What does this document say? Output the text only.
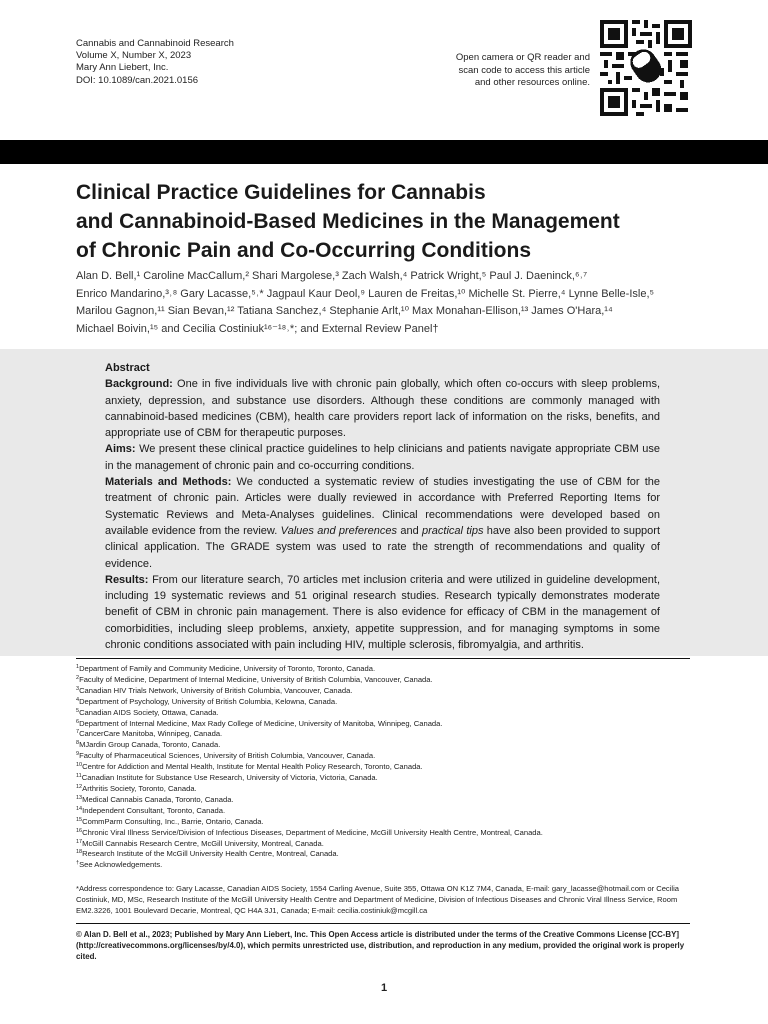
Cannabis and Cannabinoid Research
Volume X, Number X, 2023
Mary Ann Liebert, Inc.
DOI: 10.1089/can.2021.0156
Open camera or QR reader and
scan code to access this article
and other resources online.
Clinical Practice Guidelines for Cannabis
and Cannabinoid-Based Medicines in the Management
of Chronic Pain and Co-Occurring Conditions
Alan D. Bell,¹ Caroline MacCallum,² Shari Margolese,³ Zach Walsh,⁴ Patrick Wright,⁵ Paul J. Daeninck,⁶˒⁷
Enrico Mandarino,³˒⁸ Gary Lacasse,⁵˒* Jagpaul Kaur Deol,⁹ Lauren de Freitas,¹⁰ Michelle St. Pierre,⁴ Lynne Belle-Isle,⁵
Marilou Gagnon,¹¹ Sian Bevan,¹² Tatiana Sanchez,⁴ Stephanie Arlt,¹⁰ Max Monahan-Ellison,¹³ James O'Hara,¹⁴
Michael Boivin,¹⁵ and Cecilia Costiniuk¹⁶⁻¹⁸˒*; and External Review Panel†

Abstract

Background: One in five individuals live with chronic pain globally, which often co-occurs with sleep problems, anxiety, depression, and substance use disorders. Although these conditions are commonly managed with cannabinoid-based medicines (CBM), health care providers report lack of information on the risks, benefits, and appropriate use of CBM for therapeutic purposes.

Aims: We present these clinical practice guidelines to help clinicians and patients navigate appropriate CBM use in the management of chronic pain and co-occurring conditions.

Materials and Methods: We conducted a systematic review of studies investigating the use of CBM for the treatment of chronic pain. Articles were dually reviewed in accordance with Preferred Reporting Items for Systematic Reviews and Meta-Analyses guidelines. Clinical recommendations were developed based on available evidence from the review. Values and preferences and practical tips have also been provided to support clinical application. The GRADE system was used to rate the strength of recommendations and quality of evidence.

Results: From our literature search, 70 articles met inclusion criteria and were utilized in guideline development, including 19 systematic reviews and 51 original research studies. Research typically demonstrates moderate benefit of CBM in chronic pain management. There is also evidence for efficacy of CBM in the management of comorbidities, including sleep problems, anxiety, appetite suppression, and for managing symptoms in some chronic conditions associated with pain including HIV, multiple sclerosis, fibromyalgia, and arthritis.

$^1$Department of Family and Community Medicine, University of Toronto, Toronto, Canada.
$^2$Faculty of Medicine, Department of Internal Medicine, University of British Columbia, Vancouver, Canada.
$^3$Canadian HIV Trials Network, University of British Columbia, Vancouver, Canada.
$^4$Department of Psychology, University of British Columbia, Kelowna, Canada.
$^5$Canadian AIDS Society, Ottawa, Canada.
$^6$Department of Internal Medicine, Max Rady College of Medicine, University of Manitoba, Winnipeg, Canada.
$^7$CancerCare Manitoba, Winnipeg, Canada.
$^8$MJardin Group Canada, Toronto, Canada.
$^9$Faculty of Pharmaceutical Sciences, University of British Columbia, Vancouver, Canada.
$^{10}$Centre for Addiction and Mental Health, Institute for Mental Health Policy Research, Toronto, Canada.
$^{11}$Canadian Institute for Substance Use Research, University of Victoria, Victoria, Canada.
$^{12}$Arthritis Society, Toronto, Canada.
$^{13}$Medical Cannabis Canada, Toronto, Canada.
$^{14}$Independent Consultant, Toronto, Canada.
$^{15}$CommParm Consulting, Inc., Barrie, Ontario, Canada.
$^{16}$Chronic Viral Illness Service/Division of Infectious Diseases, Department of Medicine, McGill University Health Centre, Montreal, Canada.
$^{17}$McGill Cannabis Research Centre, McGill University, Montreal, Canada.
$^{18}$Research Institute of the McGill University Health Centre, Montreal, Canada.
†See Acknowledgements.
*Address correspondence to: Gary Lacasse, Canadian AIDS Society, 1554 Carling Avenue, Suite 355, Ottawa ON K1Z 7M4, Canada, E-mail: gary_lacasse@hotmail.com or Cecilia Costiniuk, MD, MSc, Research Institute of the McGill University Health Centre and Department of Medicine, Division of Infectious Diseases and Chronic Viral Illness Service, Room EM2.3226, 1001 Boulevard Decarie, Montreal, QC H4A 3J1, Canada; E-mail: cecilia.costiniuk@mcgill.ca
© Alan D. Bell et al., 2023; Published by Mary Ann Liebert, Inc. This Open Access article is distributed under the terms of the Creative Commons License [CC-BY] (http://creativecommons.org/licenses/by/4.0), which permits unrestricted use, distribution, and reproduction in any medium, provided the original work is properly cited.
1
